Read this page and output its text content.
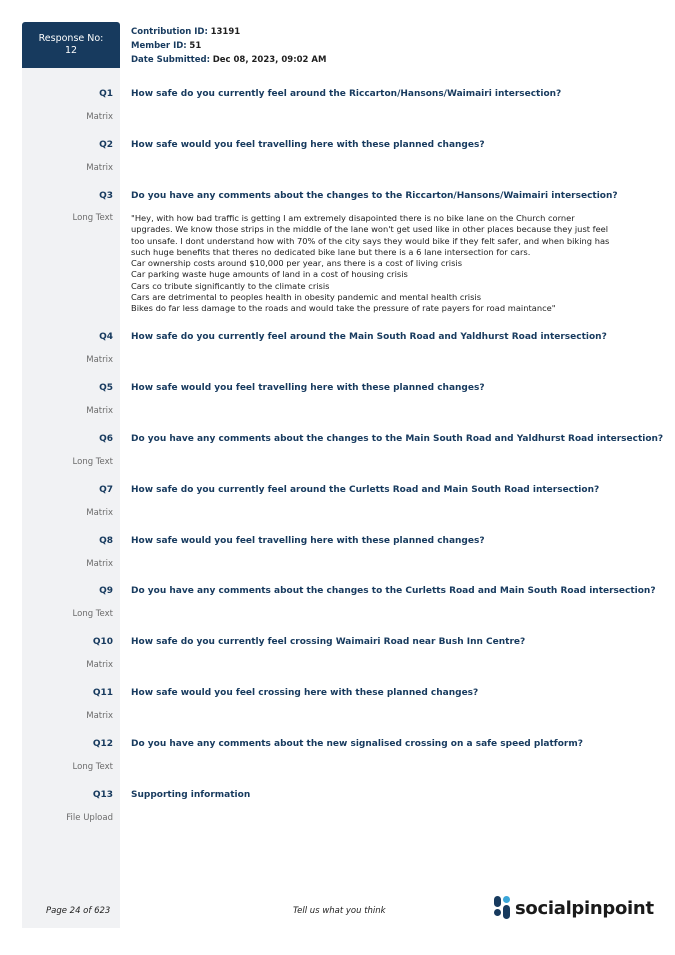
Response No:
12
Contribution ID: 13191
Member ID: 51
Date Submitted: Dec 08, 2023, 09:02 AM
Q1 How safe do you currently feel around the Riccarton/Hansons/Waimairi intersection?
Matrix
Q2 How safe would you feel travelling here with these planned changes?
Matrix
Q3 Do you have any comments about the changes to the Riccarton/Hansons/Waimairi intersection?
Long Text "Hey, with how bad traffic is getting I am extremely disapointed there is no bike lane on the Church corner
upgrades. We know those strips in the middle of the lane won't get used like in other places because they just feel
too unsafe. I dont understand how with 70% of the city says they would bike if they felt safer, and when biking has
such huge benefits that theres no dedicated bike lane but there is a 6 lane intersection for cars.
Car ownership costs around $10,000 per year, ans there is a cost of living crisis
Car parking waste huge amounts of land in a cost of housing crisis
Cars co tribute significantly to the climate crisis
Cars are detrimental to peoples health in obesity pandemic and mental health crisis
Bikes do far less damage to the roads and would take the pressure of rate payers for road maintance"
Q4 How safe do you currently feel around the Main South Road and Yaldhurst Road intersection?
Matrix
Q5 How safe would you feel travelling here with these planned changes?
Matrix
Q6 Do you have any comments about the changes to the Main South Road and Yaldhurst Road intersection?
Long Text
Q7 How safe do you currently feel around the Curletts Road and Main South Road intersection?
Matrix
Q8 How safe would you feel travelling here with these planned changes?
Matrix
Q9 Do you have any comments about the changes to the Curletts Road and Main South Road intersection?
Long Text
Q10 How safe do you currently feel crossing Waimairi Road near Bush Inn Centre?
Matrix
Q11 How safe would you feel crossing here with these planned changes?
Matrix
Q12 Do you have any comments about the new signalised crossing on a safe speed platform?
Long Text
Q13 Supporting information
File Upload
Page 24 of 623	Tell us what you think	socialpinpoint
